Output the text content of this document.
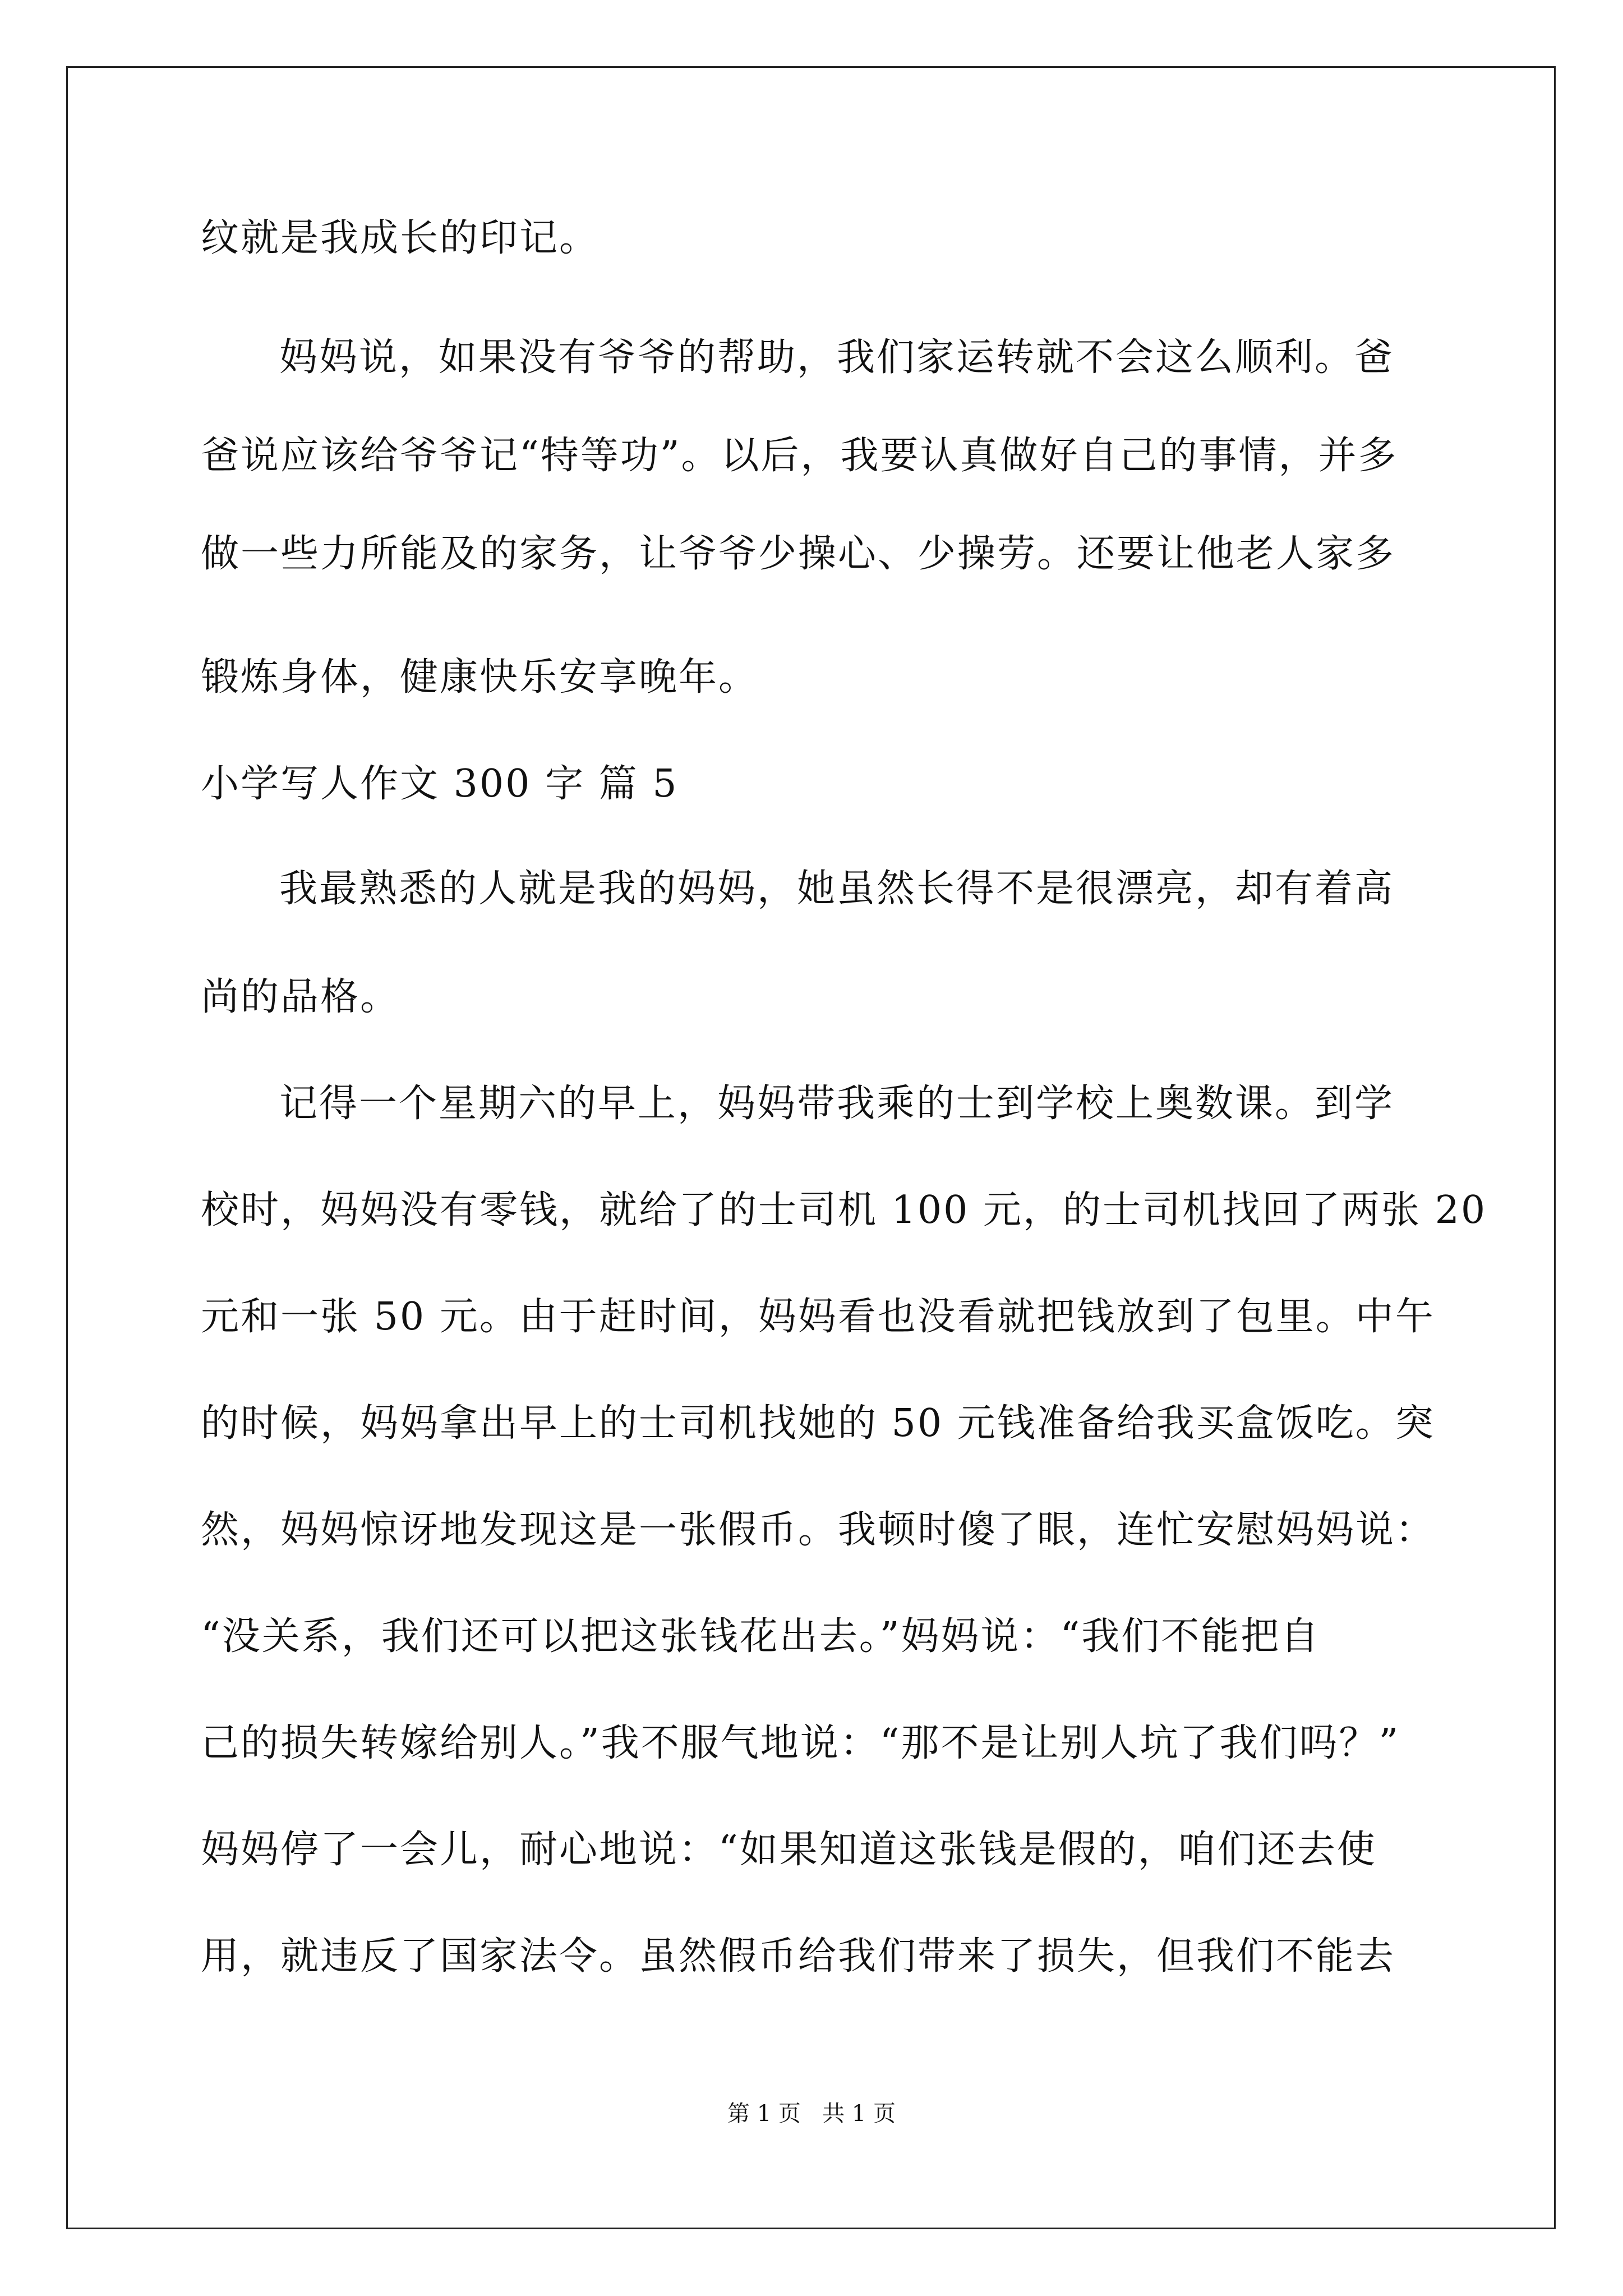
纹就是我成长的印记。
妈妈说，如果没有爷爷的帮助，我们家运转就不会这么顺利。爸
爸说应该给爷爷记“特等功”。以后，我要认真做好自己的事情，并多
做一些力所能及的家务，让爷爷少操心、少操劳。还要让他老人家多
锻炼身体，健康快乐安享晚年。
小学写人作文 300 字 篇 5
我最熟悉的人就是我的妈妈，她虽然长得不是很漂亮，却有着高
尚的品格。
记得一个星期六的早上，妈妈带我乘的士到学校上奥数课。到学
校时，妈妈没有零钱，就给了的士司机 100 元，的士司机找回了两张 20
元和一张 50 元。由于赶时间，妈妈看也没看就把钱放到了包里。中午
的时候，妈妈拿出早上的士司机找她的 50 元钱准备给我买盒饭吃。突
然，妈妈惊讶地发现这是一张假币。我顿时傻了眼，连忙安慰妈妈说：
“没关系，我们还可以把这张钱花出去。”妈妈说：“我们不能把自
己的损失转嫁给别人。”我不服气地说：“那不是让别人坑了我们吗？”
妈妈停了一会儿，耐心地说：“如果知道这张钱是假的，咱们还去使
用，就违反了国家法令。虽然假币给我们带来了损失，但我们不能去
第 1 页   共 1 页
